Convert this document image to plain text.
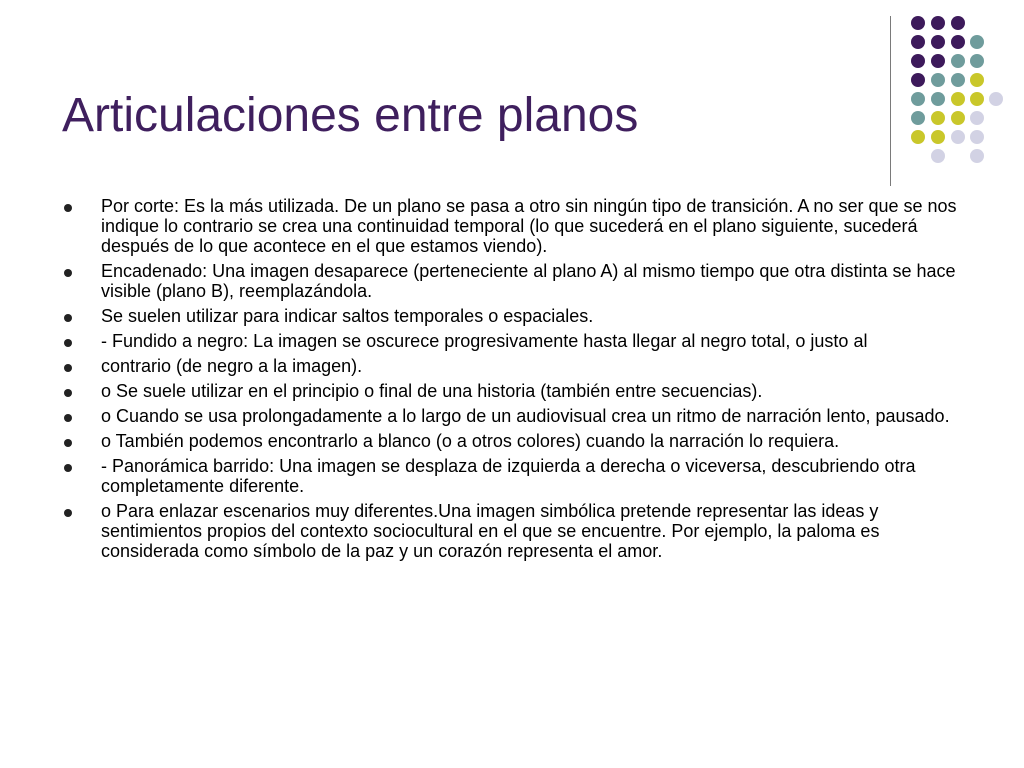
Articulaciones entre planos
Por corte: Es la más utilizada. De un plano se pasa a otro sin ningún tipo de transición. A no ser que se nos indique lo contrario se crea una continuidad temporal (lo que sucederá en el plano siguiente, sucederá después de lo que acontece en el que estamos viendo).
Encadenado: Una imagen desaparece (perteneciente al plano A) al mismo tiempo que otra distinta se hace visible (plano B), reemplazándola.
Se suelen utilizar para indicar saltos temporales o espaciales.
- Fundido a negro: La imagen se oscurece progresivamente hasta llegar al negro total, o justo al
contrario (de negro a la imagen).
o Se suele utilizar en el principio o final de una historia (también entre secuencias).
o Cuando se usa prolongadamente a lo largo de un audiovisual crea un ritmo de narración lento, pausado.
o También podemos encontrarlo a blanco (o a otros colores) cuando la narración lo requiera.
- Panorámica barrido: Una imagen se desplaza de izquierda a derecha o viceversa, descubriendo otra completamente diferente.
o Para enlazar escenarios muy diferentes.Una imagen simbólica pretende representar las ideas y sentimientos propios del contexto sociocultural en el que se encuentre. Por ejemplo, la paloma es considerada como símbolo de la paz y un corazón representa el amor.
